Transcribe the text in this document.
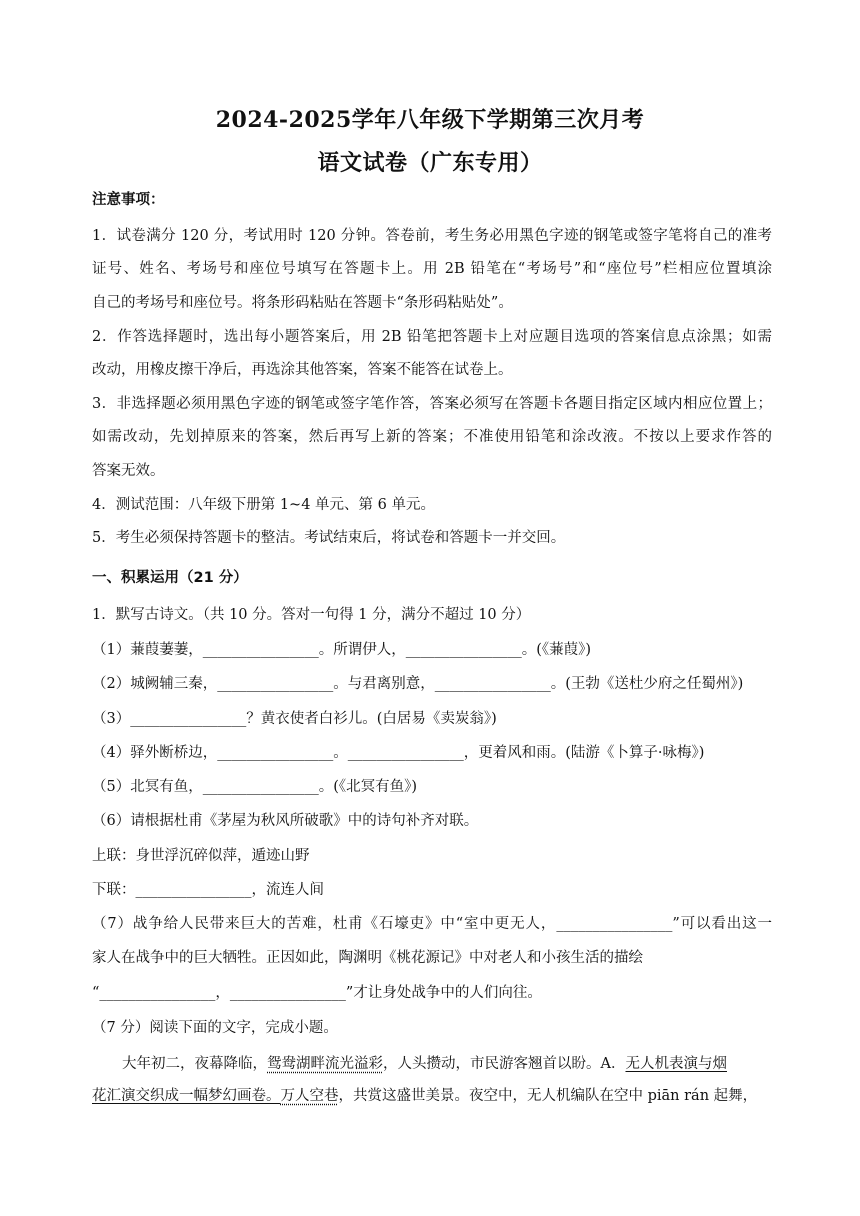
2024-2025学年八年级下学期第三次月考
语文试卷（广东专用）
注意事项：
1．试卷满分 120 分，考试用时 120 分钟。答卷前，考生务必用黑色字迹的钢笔或签字笔将自己的准考
证号、姓名、考场号和座位号填写在答题卡上。用 2B 铅笔在“考场号”和“座位号”栏相应位置填涂
自己的考场号和座位号。将条形码粘贴在答题卡“条形码粘贴处”。
2．作答选择题时，选出每小题答案后，用 2B 铅笔把答题卡上对应题目选项的答案信息点涂黑；如需
改动，用橡皮擦干净后，再选涂其他答案，答案不能答在试卷上。
3．非选择题必须用黑色字迹的钢笔或签字笔作答，答案必须写在答题卡各题目指定区域内相应位置上；
如需改动，先划掉原来的答案，然后再写上新的答案；不准使用铅笔和涂改液。不按以上要求作答的
答案无效。
4．测试范围：八年级下册第 1~4 单元、第 6 单元。
5．考生必须保持答题卡的整洁。考试结束后，将试卷和答题卡一并交回。
一、积累运用（21 分）
1．默写古诗文。（共 10 分。答对一句得 1 分，满分不超过 10 分）
（1）蒹葭萋萋，________________。所谓伊人，________________。(《蒹葭》)
（2）城阙辅三秦，________________。与君离别意，________________。(王勃《送杜少府之任蜀州》)
（3）________________？黄衣使者白衫儿。(白居易《卖炭翁》)
（4）驿外断桥边，________________。________________，更着风和雨。(陆游《卜算子·咏梅》)
（5）北冥有鱼，________________。(《北冥有鱼》)
（6）请根据杜甫《茅屋为秋风所破歌》中的诗句补齐对联。
上联：身世浮沉碎似萍，遁迹山野
下联：________________，流连人间
（7）战争给人民带来巨大的苦难，杜甫《石壕吏》中“室中更无人，________________”可以看出这一
家人在战争中的巨大牺牲。正因如此，陶渊明《桃花源记》中对老人和小孩生活的描绘
“________________，________________”才让身处战争中的人们向往。
（7 分）阅读下面的文字，完成小题。
大年初二，夜幕降临，鸳鸯湖畔流光溢彩，人头攒动，市民游客翘首以盼。A．无人机表演与烟
花汇演交织成一幅梦幻画卷。万人空巷，共赏这盛世美景。夜空中，无人机编队在空中 piān rán 起舞，
